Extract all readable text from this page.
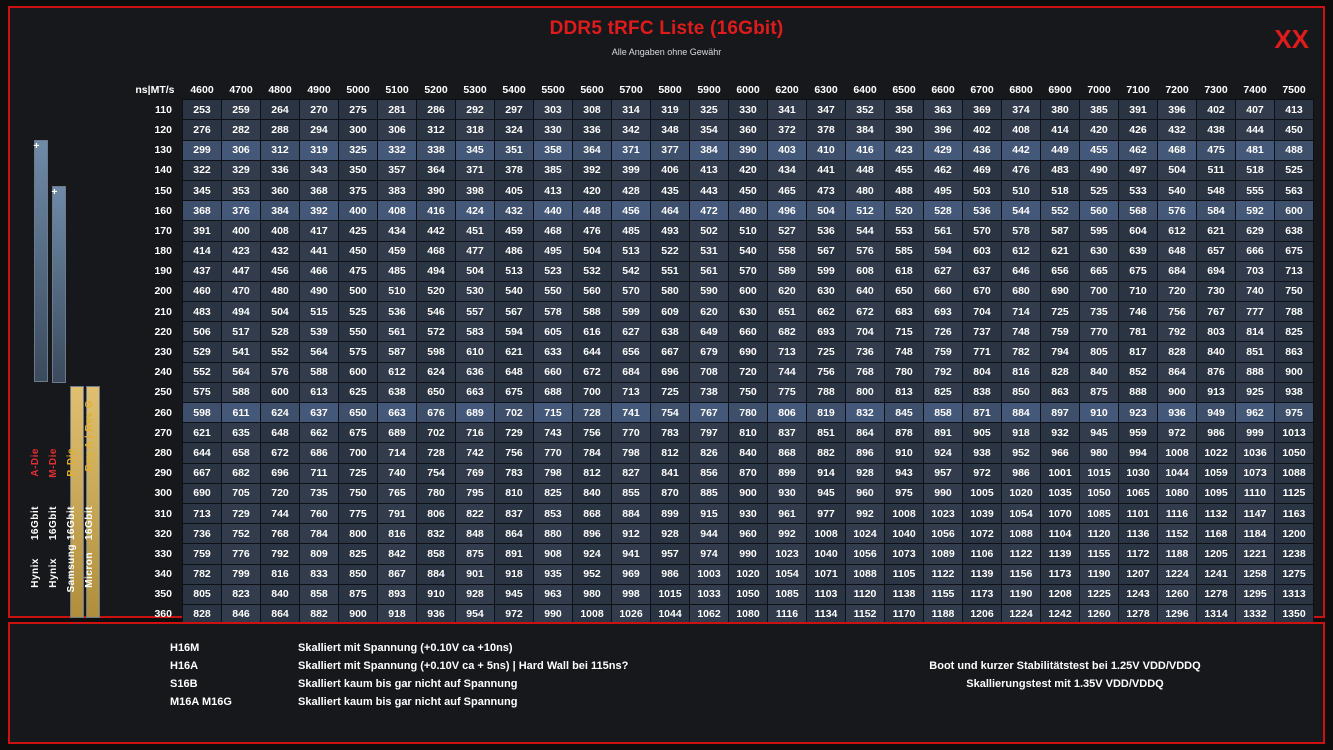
DDR5 tRFC Liste (16Gbit)
Alle Angaben ohne Gewähr	XX
+
+
A-Die M-Die B-Die Rev A | Rev G
16Gbit 16Gbit 16Gbit 16Gbit
Hynix Hynix Samsung Micron
ns|MT/s	4600	4700	4800	4900	5000	5100	5200	5300	5400	5500	5600	5700	5800	5900	6000	6200	6300	6400	6500	6600	6700	6800	6900	7000	7100	7200	7300	7400	7500
110	253	259	264	270	275	281	286	292	297	303	308	314	319	325	330	341	347	352	358	363	369	374	380	385	391	396	402	407	413
120	276	282	288	294	300	306	312	318	324	330	336	342	348	354	360	372	378	384	390	396	402	408	414	420	426	432	438	444	450
130	299	306	312	319	325	332	338	345	351	358	364	371	377	384	390	403	410	416	423	429	436	442	449	455	462	468	475	481	488
140	322	329	336	343	350	357	364	371	378	385	392	399	406	413	420	434	441	448	455	462	469	476	483	490	497	504	511	518	525
150	345	353	360	368	375	383	390	398	405	413	420	428	435	443	450	465	473	480	488	495	503	510	518	525	533	540	548	555	563
160	368	376	384	392	400	408	416	424	432	440	448	456	464	472	480	496	504	512	520	528	536	544	552	560	568	576	584	592	600
170	391	400	408	417	425	434	442	451	459	468	476	485	493	502	510	527	536	544	553	561	570	578	587	595	604	612	621	629	638
180	414	423	432	441	450	459	468	477	486	495	504	513	522	531	540	558	567	576	585	594	603	612	621	630	639	648	657	666	675
190	437	447	456	466	475	485	494	504	513	523	532	542	551	561	570	589	599	608	618	627	637	646	656	665	675	684	694	703	713
200	460	470	480	490	500	510	520	530	540	550	560	570	580	590	600	620	630	640	650	660	670	680	690	700	710	720	730	740	750
210	483	494	504	515	525	536	546	557	567	578	588	599	609	620	630	651	662	672	683	693	704	714	725	735	746	756	767	777	788
220	506	517	528	539	550	561	572	583	594	605	616	627	638	649	660	682	693	704	715	726	737	748	759	770	781	792	803	814	825
230	529	541	552	564	575	587	598	610	621	633	644	656	667	679	690	713	725	736	748	759	771	782	794	805	817	828	840	851	863
240	552	564	576	588	600	612	624	636	648	660	672	684	696	708	720	744	756	768	780	792	804	816	828	840	852	864	876	888	900
250	575	588	600	613	625	638	650	663	675	688	700	713	725	738	750	775	788	800	813	825	838	850	863	875	888	900	913	925	938
260	598	611	624	637	650	663	676	689	702	715	728	741	754	767	780	806	819	832	845	858	871	884	897	910	923	936	949	962	975
270	621	635	648	662	675	689	702	716	729	743	756	770	783	797	810	837	851	864	878	891	905	918	932	945	959	972	986	999	1013
280	644	658	672	686	700	714	728	742	756	770	784	798	812	826	840	868	882	896	910	924	938	952	966	980	994	1008	1022	1036	1050
290	667	682	696	711	725	740	754	769	783	798	812	827	841	856	870	899	914	928	943	957	972	986	1001	1015	1030	1044	1059	1073	1088
300	690	705	720	735	750	765	780	795	810	825	840	855	870	885	900	930	945	960	975	990	1005	1020	1035	1050	1065	1080	1095	1110	1125
310	713	729	744	760	775	791	806	822	837	853	868	884	899	915	930	961	977	992	1008	1023	1039	1054	1070	1085	1101	1116	1132	1147	1163
320	736	752	768	784	800	816	832	848	864	880	896	912	928	944	960	992	1008	1024	1040	1056	1072	1088	1104	1120	1136	1152	1168	1184	1200
330	759	776	792	809	825	842	858	875	891	908	924	941	957	974	990	1023	1040	1056	1073	1089	1106	1122	1139	1155	1172	1188	1205	1221	1238
340	782	799	816	833	850	867	884	901	918	935	952	969	986	1003	1020	1054	1071	1088	1105	1122	1139	1156	1173	1190	1207	1224	1241	1258	1275
350	805	823	840	858	875	893	910	928	945	963	980	998	1015	1033	1050	1085	1103	1120	1138	1155	1173	1190	1208	1225	1243	1260	1278	1295	1313
360	828	846	864	882	900	918	936	954	972	990	1008	1026	1044	1062	1080	1116	1134	1152	1170	1188	1206	1224	1242	1260	1278	1296	1314	1332	1350

H16M	Skalliert mit Spannung (+0.10V ca +10ns)
H16A	Skalliert mit Spannung (+0.10V ca + 5ns) | Hard Wall bei 115ns?
S16B	Skalliert kaum bis gar nicht auf Spannung
M16A M16G	Skalliert kaum bis gar nicht auf Spannung
Boot und kurzer Stabilitätstest bei 1.25V VDD/VDDQ
Skallierungstest mit 1.35V VDD/VDDQ
